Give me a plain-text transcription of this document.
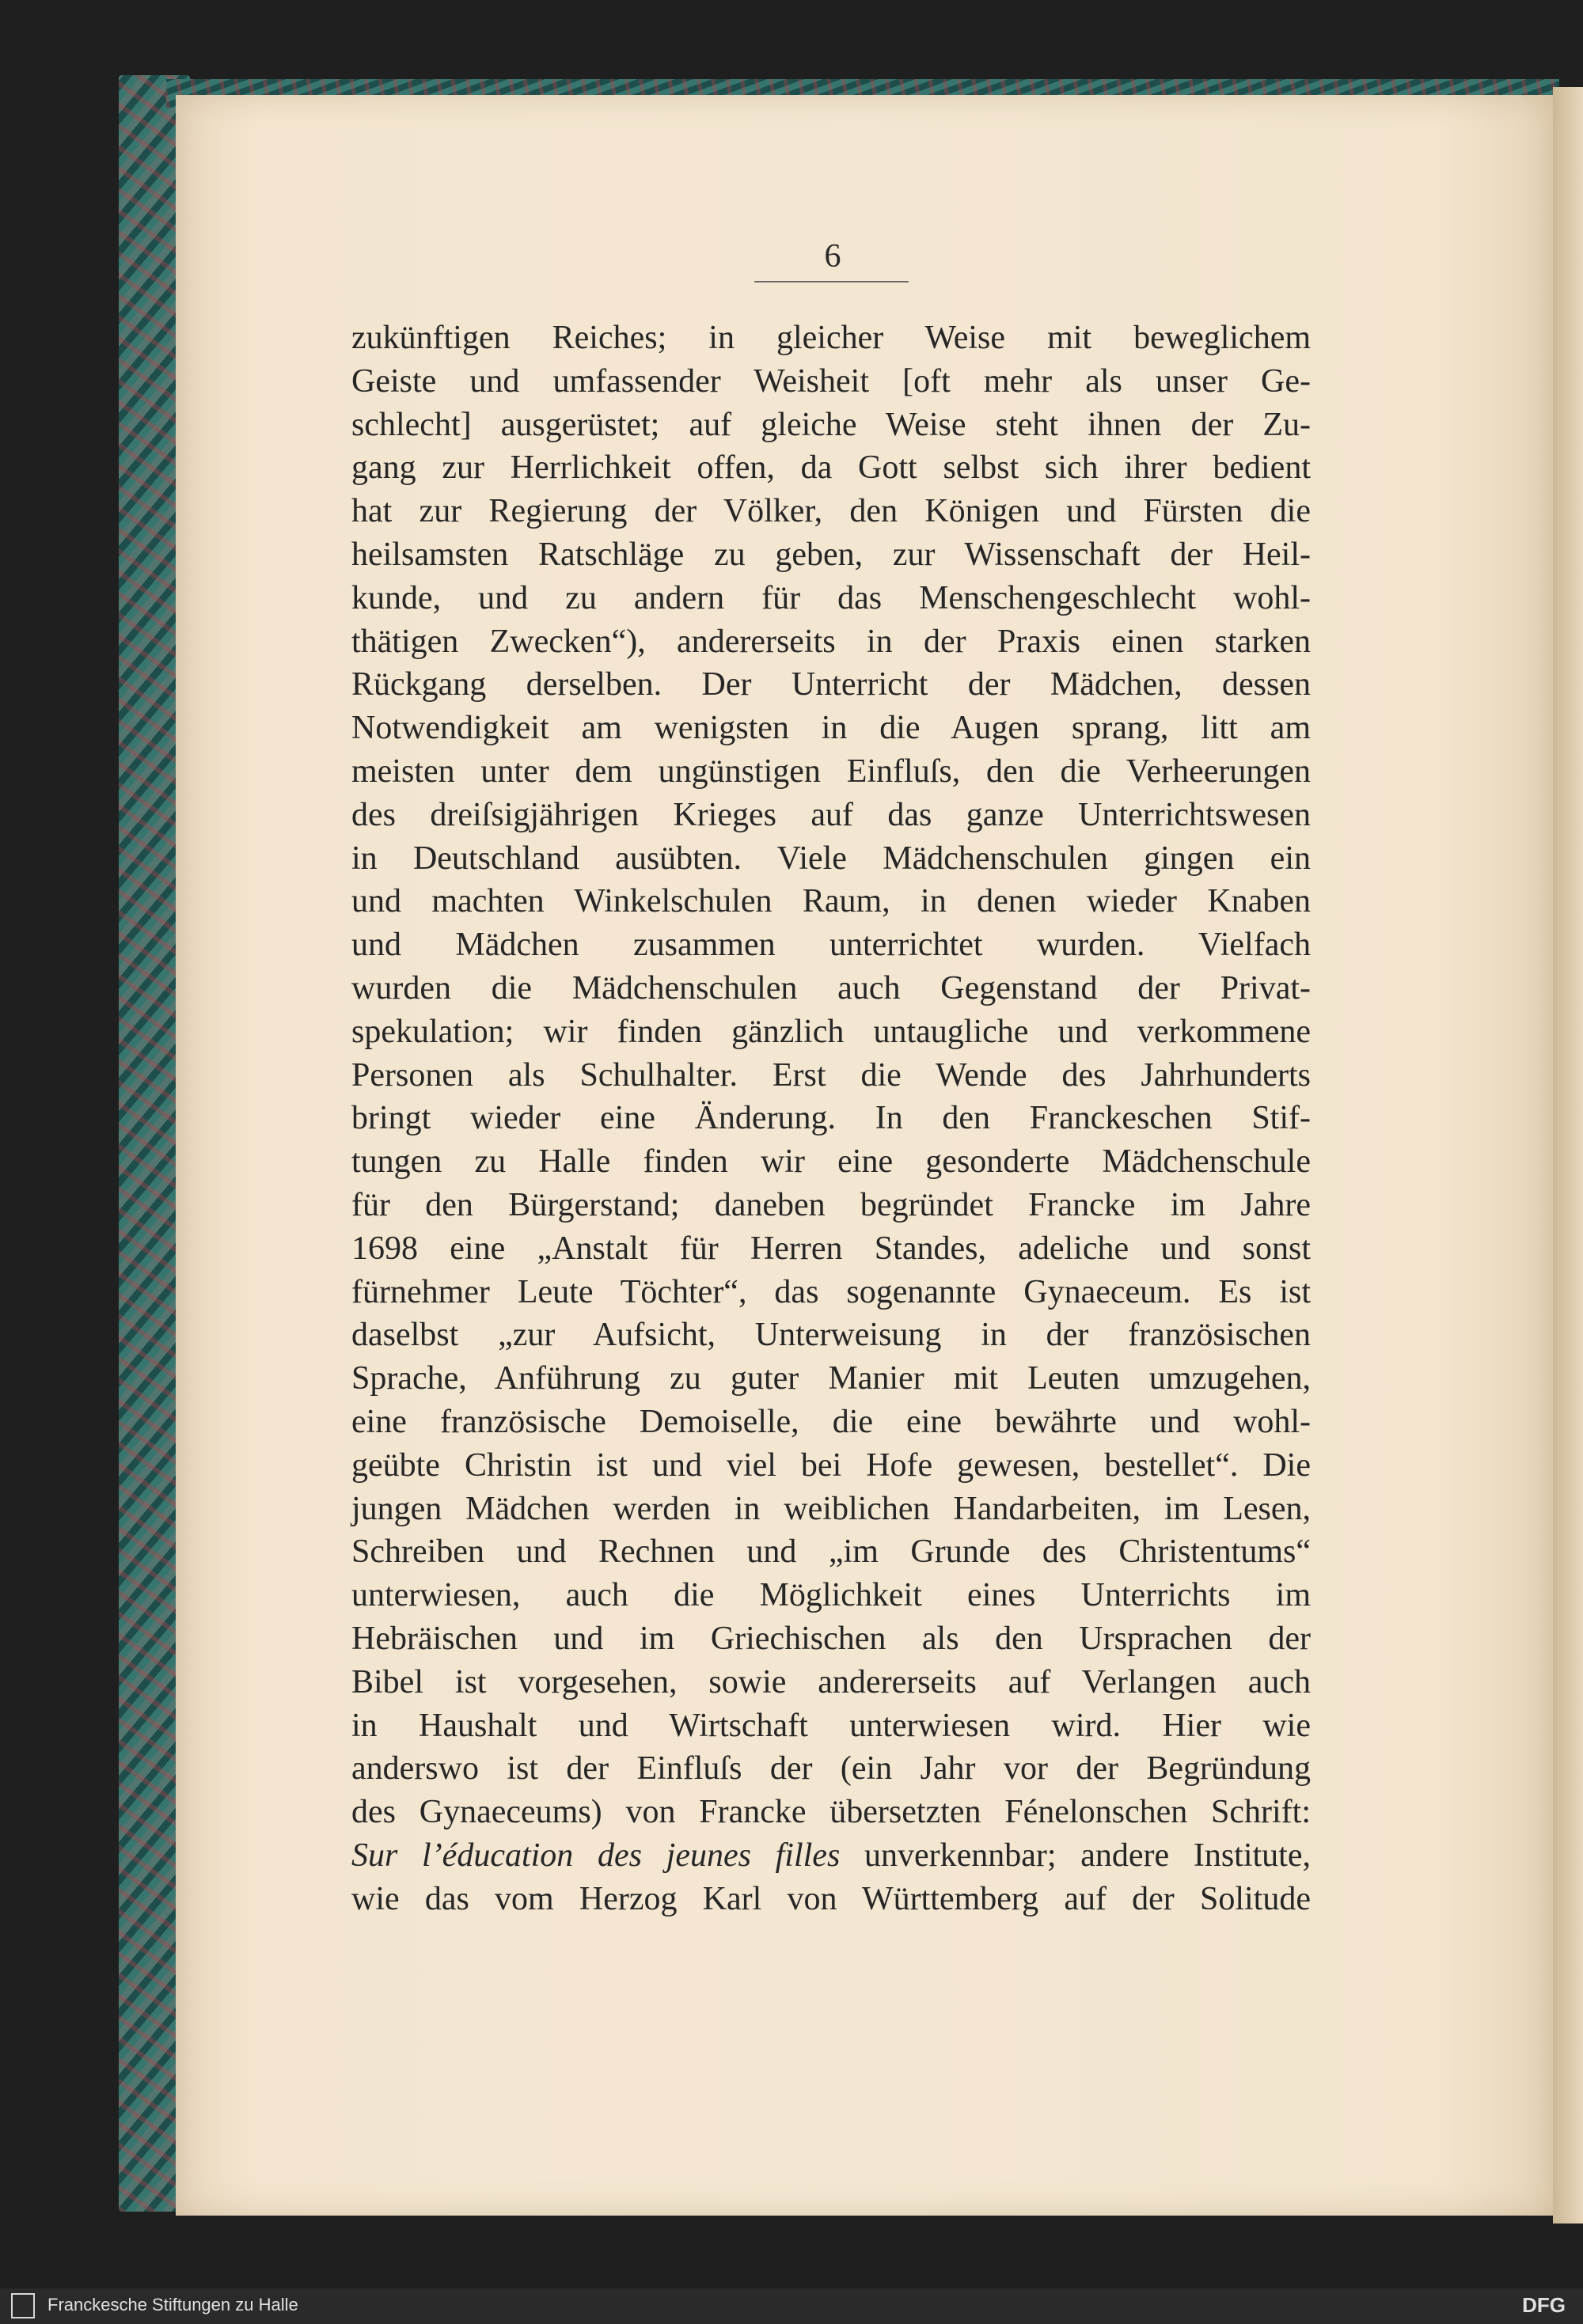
6
zukünftigen Reiches; in gleicher Weise mit beweglichem
Geiste und umfassender Weisheit [oft mehr als unser Ge-
schlecht] ausgerüstet; auf gleiche Weise steht ihnen der Zu-
gang zur Herrlichkeit offen, da Gott selbst sich ihrer bedient
hat zur Regierung der Völker, den Königen und Fürsten die
heilsamsten Ratschläge zu geben, zur Wissenschaft der Heil-
kunde, und zu andern für das Menschengeschlecht wohl-
thätigen Zwecken“), andererseits in der Praxis einen starken
Rückgang derselben. Der Unterricht der Mädchen, dessen
Notwendigkeit am wenigsten in die Augen sprang, litt am
meisten unter dem ungünstigen Einfluſs, den die Verheerungen
des dreiſsigjährigen Krieges auf das ganze Unterrichtswesen
in Deutschland ausübten. Viele Mädchenschulen gingen ein
und machten Winkelschulen Raum, in denen wieder Knaben
und Mädchen zusammen unterrichtet wurden. Vielfach
wurden die Mädchenschulen auch Gegenstand der Privat-
spekulation; wir finden gänzlich untaugliche und verkommene
Personen als Schulhalter. Erst die Wende des Jahrhunderts
bringt wieder eine Änderung. In den Franckeschen Stif-
tungen zu Halle finden wir eine gesonderte Mädchenschule
für den Bürgerstand; daneben begründet Francke im Jahre
1698 eine „Anstalt für Herren Standes, adeliche und sonst
fürnehmer Leute Töchter“, das sogenannte Gynaeceum. Es ist
daselbst „zur Aufsicht, Unterweisung in der französischen
Sprache, Anführung zu guter Manier mit Leuten umzugehen,
eine französische Demoiselle, die eine bewährte und wohl-
geübte Christin ist und viel bei Hofe gewesen, bestellet“. Die
jungen Mädchen werden in weiblichen Handarbeiten, im Lesen,
Schreiben und Rechnen und „im Grunde des Christentums“
unterwiesen, auch die Möglichkeit eines Unterrichts im
Hebräischen und im Griechischen als den Ursprachen der
Bibel ist vorgesehen, sowie andererseits auf Verlangen auch
in Haushalt und Wirtschaft unterwiesen wird. Hier wie
anderswo ist der Einfluſs der (ein Jahr vor der Begründung
des Gynaeceums) von Francke übersetzten Fénelonschen Schrift:
Sur l’éducation des jeunes filles unverkennbar; andere Institute,
wie das vom Herzog Karl von Württemberg auf der Solitude
Franckesche Stiftungen zu Halle	DFG
